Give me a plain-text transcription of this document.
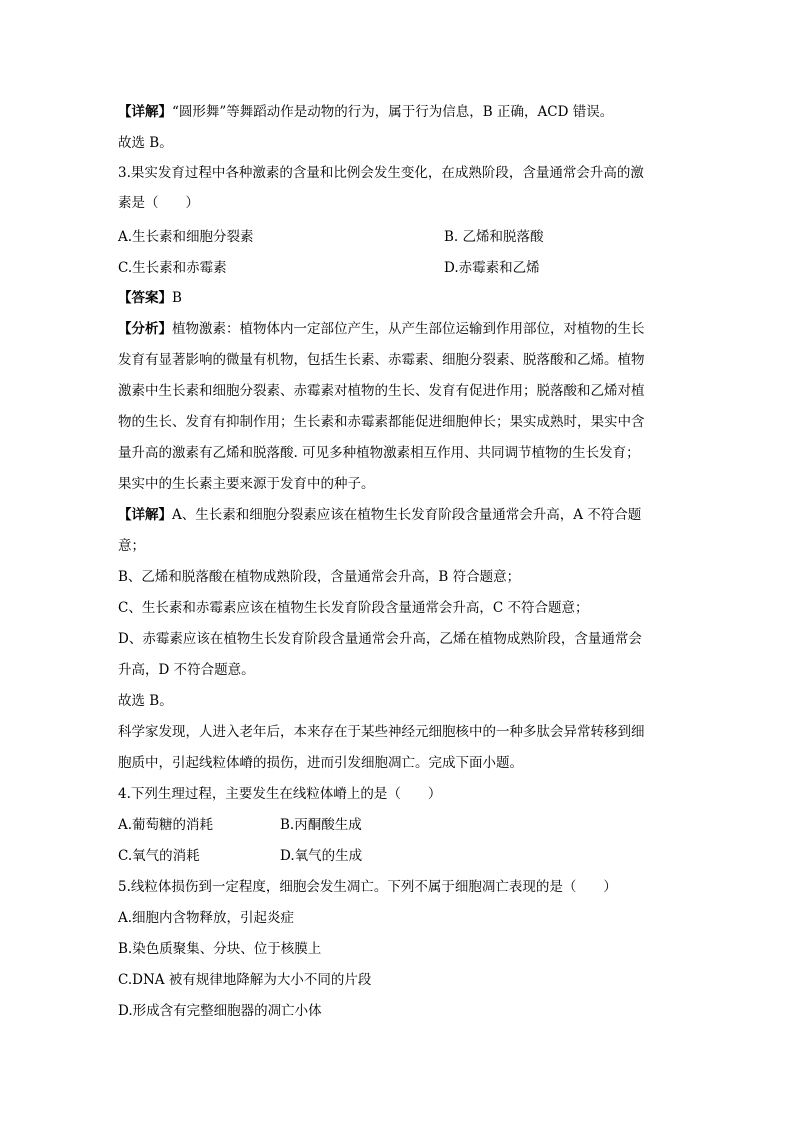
【详解】“圆形舞”等舞蹈动作是动物的行为，属于行为信息，B 正确，ACD 错误。
故选 B。
3.果实发育过程中各种激素的含量和比例会发生变化，在成熟阶段，含量通常会升高的激
素是（　　）
A.生长素和细胞分裂素	B. 乙烯和脱落酸
C.生长素和赤霉素	D.赤霉素和乙烯
【答案】B
【分析】植物激素：植物体内一定部位产生，从产生部位运输到作用部位，对植物的生长
发育有显著影响的微量有机物，包括生长素、赤霉素、细胞分裂素、脱落酸和乙烯。植物
激素中生长素和细胞分裂素、赤霉素对植物的生长、发育有促进作用；脱落酸和乙烯对植
物的生长、发育有抑制作用；生长素和赤霉素都能促进细胞伸长；果实成熟时，果实中含
量升高的激素有乙烯和脱落酸. 可见多种植物激素相互作用、共同调节植物的生长发育；
果实中的生长素主要来源于发育中的种子。
【详解】A、生长素和细胞分裂素应该在植物生长发育阶段含量通常会升高，A 不符合题
意；
B、乙烯和脱落酸在植物成熟阶段，含量通常会升高，B 符合题意；
C、生长素和赤霉素应该在植物生长发育阶段含量通常会升高，C 不符合题意；
D、赤霉素应该在植物生长发育阶段含量通常会升高，乙烯在植物成熟阶段，含量通常会
升高，D 不符合题意。
故选 B。
科学家发现，人进入老年后，本来存在于某些神经元细胞核中的一种多肽会异常转移到细
胞质中，引起线粒体嵴的损伤，进而引发细胞凋亡。完成下面小题。
4.下列生理过程，主要发生在线粒体嵴上的是（　　）
A.葡萄糖的消耗	B.丙酮酸生成
C.氧气的消耗	D.氧气的生成
5.线粒体损伤到一定程度，细胞会发生凋亡。下列不属于细胞凋亡表现的是（　　）
A.细胞内含物释放，引起炎症
B.染色质聚集、分块、位于核膜上
C.DNA 被有规律地降解为大小不同的片段
D.形成含有完整细胞器的凋亡小体
